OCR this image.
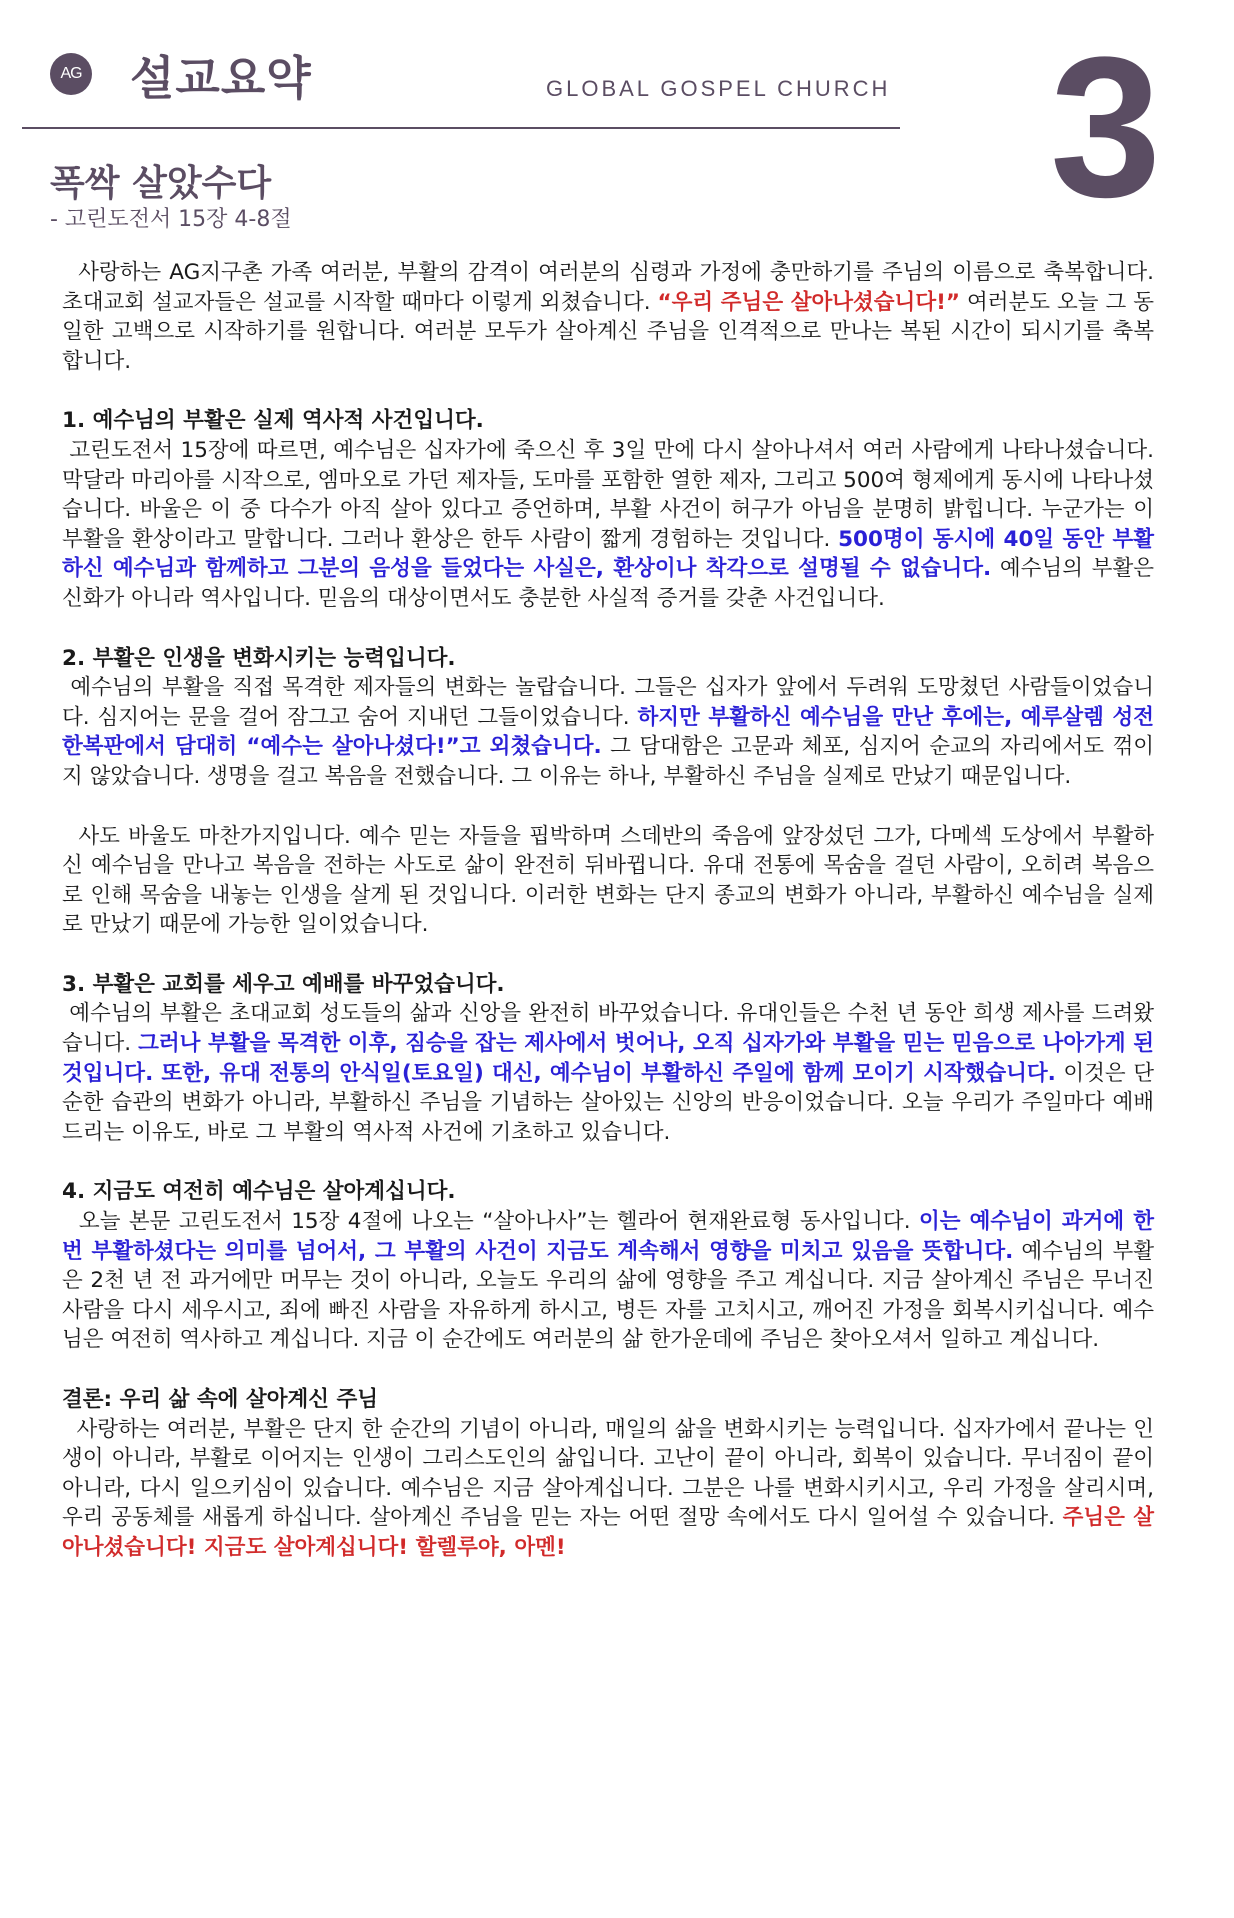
AG 설교요약	GLOBAL GOSPEL CHURCH 3
폭싹 살았수다
- 고린도전서 15장 4-8절

사랑하는 AG지구촌 가족 여러분, 부활의 감격이 여러분의 심령과 가정에 충만하기를 주님의 이름으로 축복합니다. 초대교회 설교자들은 설교를 시작할 때마다 이렇게 외쳤습니다. “우리 주님은 살아나셨습니다!” 여러분도 오늘 그 동일한 고백으로 시작하기를 원합니다. 여러분 모두가 살아계신 주님을 인격적으로 만나는 복된 시간이 되시기를 축복합니다.

1. 예수님의 부활은 실제 역사적 사건입니다.

고린도전서 15장에 따르면, 예수님은 십자가에 죽으신 후 3일 만에 다시 살아나셔서 여러 사람에게 나타나셨습니다. 막달라 마리아를 시작으로, 엠마오로 가던 제자들, 도마를 포함한 열한 제자, 그리고 500여 형제에게 동시에 나타나셨습니다. 바울은 이 중 다수가 아직 살아 있다고 증언하며, 부활 사건이 허구가 아님을 분명히 밝힙니다. 누군가는 이 부활을 환상이라고 말합니다. 그러나 환상은 한두 사람이 짧게 경험하는 것입니다. 500명이 동시에 40일 동안 부활하신 예수님과 함께하고 그분의 음성을 들었다는 사실은, 환상이나 착각으로 설명될 수 없습니다. 예수님의 부활은 신화가 아니라 역사입니다. 믿음의 대상이면서도 충분한 사실적 증거를 갖춘 사건입니다.

2. 부활은 인생을 변화시키는 능력입니다.

예수님의 부활을 직접 목격한 제자들의 변화는 놀랍습니다. 그들은 십자가 앞에서 두려워 도망쳤던 사람들이었습니다. 심지어는 문을 걸어 잠그고 숨어 지내던 그들이었습니다. 하지만 부활하신 예수님을 만난 후에는, 예루살렘 성전 한복판에서 담대히 “예수는 살아나셨다!”고 외쳤습니다. 그 담대함은 고문과 체포, 심지어 순교의 자리에서도 꺾이지 않았습니다. 생명을 걸고 복음을 전했습니다. 그 이유는 하나, 부활하신 주님을 실제로 만났기 때문입니다.

사도 바울도 마찬가지입니다. 예수 믿는 자들을 핍박하며 스데반의 죽음에 앞장섰던 그가, 다메섹 도상에서 부활하신 예수님을 만나고 복음을 전하는 사도로 삶이 완전히 뒤바뀝니다. 유대 전통에 목숨을 걸던 사람이, 오히려 복음으로 인해 목숨을 내놓는 인생을 살게 된 것입니다. 이러한 변화는 단지 종교의 변화가 아니라, 부활하신 예수님을 실제로 만났기 때문에 가능한 일이었습니다.

3. 부활은 교회를 세우고 예배를 바꾸었습니다.

예수님의 부활은 초대교회 성도들의 삶과 신앙을 완전히 바꾸었습니다. 유대인들은 수천 년 동안 희생 제사를 드려왔습니다. 그러나 부활을 목격한 이후, 짐승을 잡는 제사에서 벗어나, 오직 십자가와 부활을 믿는 믿음으로 나아가게 된 것입니다. 또한, 유대 전통의 안식일(토요일) 대신, 예수님이 부활하신 주일에 함께 모이기 시작했습니다. 이것은 단순한 습관의 변화가 아니라, 부활하신 주님을 기념하는 살아있는 신앙의 반응이었습니다. 오늘 우리가 주일마다 예배드리는 이유도, 바로 그 부활의 역사적 사건에 기초하고 있습니다.

4. 지금도 여전히 예수님은 살아계십니다.

오늘 본문 고린도전서 15장 4절에 나오는 “살아나사”는 헬라어 현재완료형 동사입니다. 이는 예수님이 과거에 한 번 부활하셨다는 의미를 넘어서, 그 부활의 사건이 지금도 계속해서 영향을 미치고 있음을 뜻합니다. 예수님의 부활은 2천 년 전 과거에만 머무는 것이 아니라, 오늘도 우리의 삶에 영향을 주고 계십니다. 지금 살아계신 주님은 무너진 사람을 다시 세우시고, 죄에 빠진 사람을 자유하게 하시고, 병든 자를 고치시고, 깨어진 가정을 회복시키십니다. 예수님은 여전히 역사하고 계십니다. 지금 이 순간에도 여러분의 삶 한가운데에 주님은 찾아오셔서 일하고 계십니다.

결론: 우리 삶 속에 살아계신 주님

사랑하는 여러분, 부활은 단지 한 순간의 기념이 아니라, 매일의 삶을 변화시키는 능력입니다. 십자가에서 끝나는 인생이 아니라, 부활로 이어지는 인생이 그리스도인의 삶입니다. 고난이 끝이 아니라, 회복이 있습니다. 무너짐이 끝이 아니라, 다시 일으키심이 있습니다. 예수님은 지금 살아계십니다. 그분은 나를 변화시키시고, 우리 가정을 살리시며, 우리 공동체를 새롭게 하십니다. 살아계신 주님을 믿는 자는 어떤 절망 속에서도 다시 일어설 수 있습니다. 주님은 살아나셨습니다! 지금도 살아계십니다! 할렐루야, 아멘!
